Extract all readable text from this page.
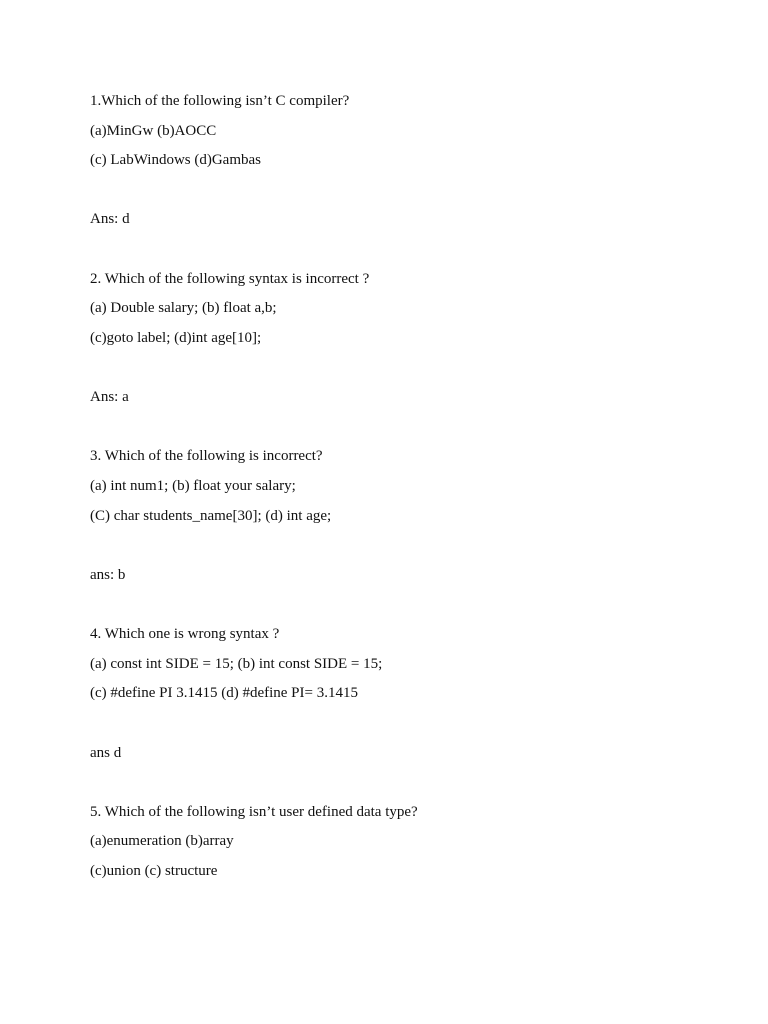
1.Which of the following isn’t C compiler?
(a)MinGw (b)AOCC
(c) LabWindows (d)Gambas
Ans: d
2. Which of the following syntax is incorrect ?
(a) Double salary; (b) float a,b;
(c)goto label; (d)int age[10];
Ans: a
3. Which of the following is incorrect?
(a) int num1; (b) float your salary;
(C) char students_name[30]; (d) int age;
ans: b
4. Which one is wrong syntax ?
(a) const int SIDE = 15; (b) int const SIDE = 15;
(c) #define PI 3.1415 (d) #define PI= 3.1415
ans d
5. Which of the following isn’t user defined data type?
(a)enumeration (b)array
(c)union (c) structure
